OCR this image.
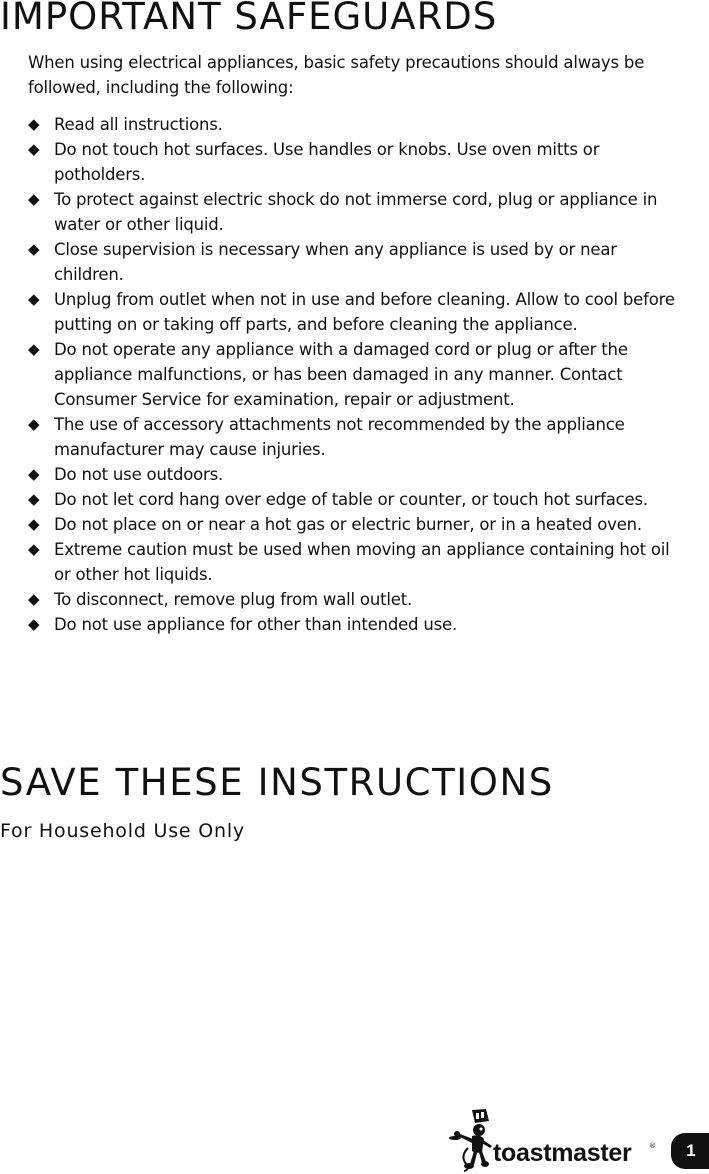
IMPORTANT SAFEGUARDS

When using electrical appliances, basic safety precautions should always be followed, including the following:

◆ Read all instructions.
◆ Do not touch hot surfaces. Use handles or knobs. Use oven mitts or potholders.
◆ To protect against electric shock do not immerse cord, plug or appliance in water or other liquid.
◆ Close supervision is necessary when any appliance is used by or near children.
◆ Unplug from outlet when not in use and before cleaning. Allow to cool before putting on or taking off parts, and before cleaning the appliance.
◆ Do not operate any appliance with a damaged cord or plug or after the appliance malfunctions, or has been damaged in any manner. Contact Consumer Service for examination, repair or adjustment.
◆ The use of accessory attachments not recommended by the appliance manufacturer may cause injuries.
◆ Do not use outdoors.
◆ Do not let cord hang over edge of table or counter, or touch hot surfaces.
◆ Do not place on or near a hot gas or electric burner, or in a heated oven.
◆ Extreme caution must be used when moving an appliance containing hot oil or other hot liquids.
◆ To disconnect, remove plug from wall outlet.
◆ Do not use appliance for other than intended use.
SAVE THESE INSTRUCTIONS
For Household Use Only
toastmaster	®	1
